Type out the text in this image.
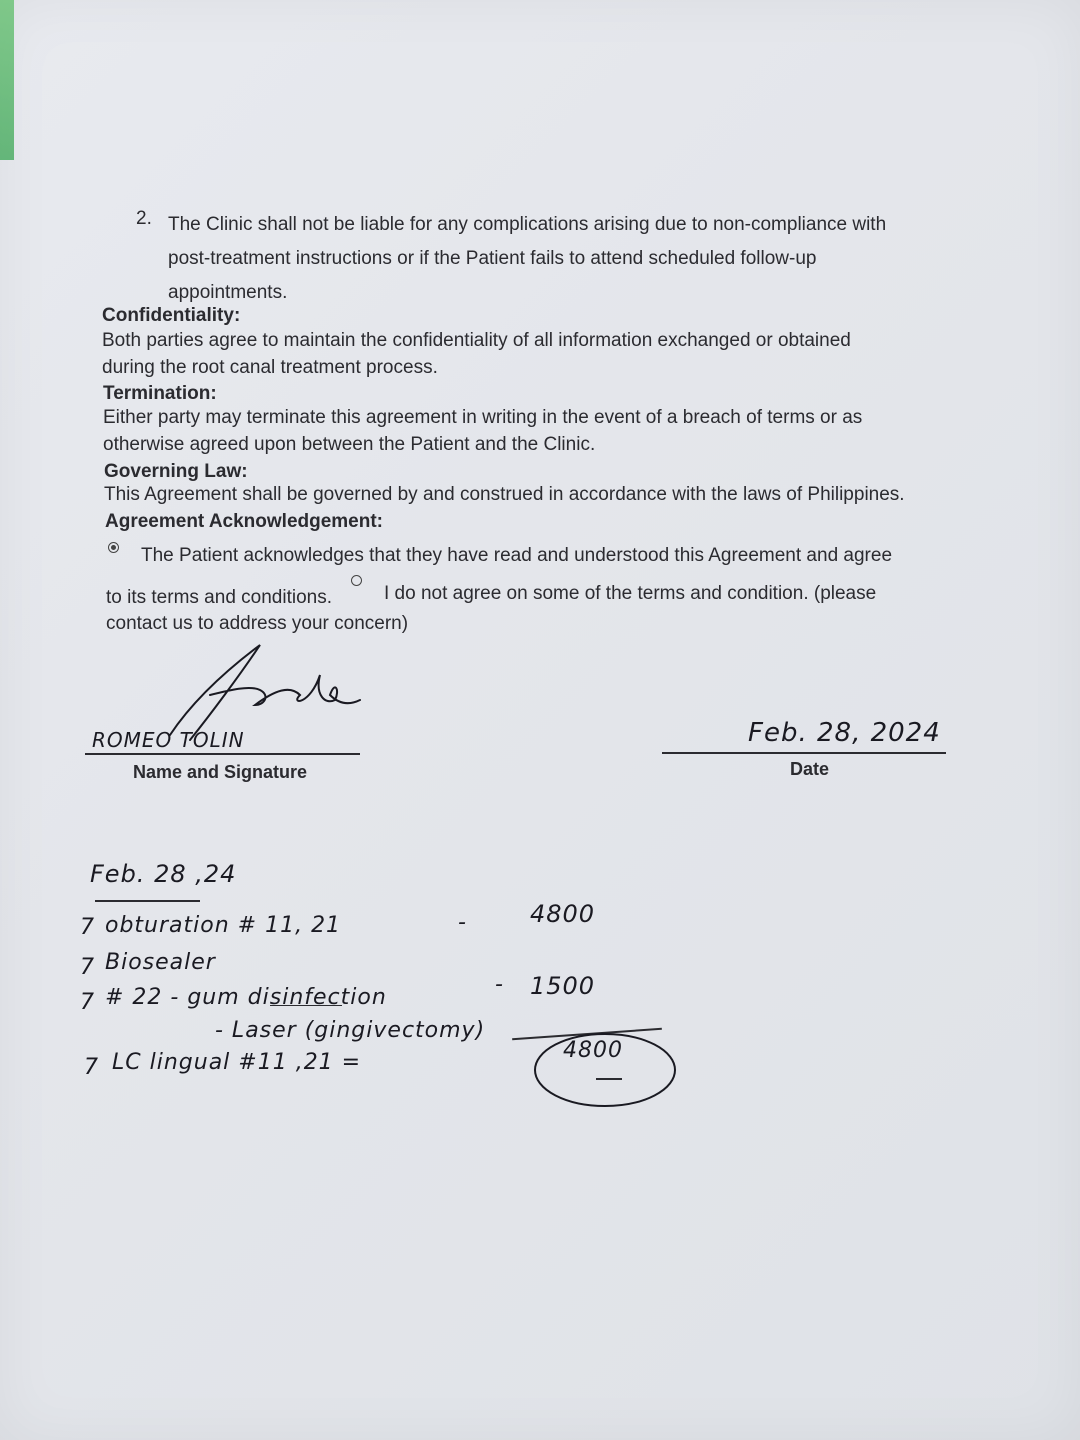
2. The Clinic shall not be liable for any complications arising due to non-compliance with post-treatment instructions or if the Patient fails to attend scheduled follow-up appointments.
Confidentiality:
Both parties agree to maintain the confidentiality of all information exchanged or obtained
during the root canal treatment process.
Termination:
Either party may terminate this agreement in writing in the event of a breach of terms or as
otherwise agreed upon between the Patient and the Clinic.
Governing Law:
This Agreement shall be governed by and construed in accordance with the laws of Philippines.
Agreement Acknowledgement:
The Patient acknowledges that they have read and understood this Agreement and agree
to its terms and conditions.	I do not agree on some of the terms and condition. (please
contact us to address your concern)
ROMEO TOLIN
Name and Signature
Feb. 28, 2024
Date
Feb. 28 ,24
7 obturation # 11, 21	-	4800
7 Biosealer
7 # 22 - gum disinfection
- 1500
- Laser (gingivectomy)
7 LC lingual #11 ,21 =	4800
